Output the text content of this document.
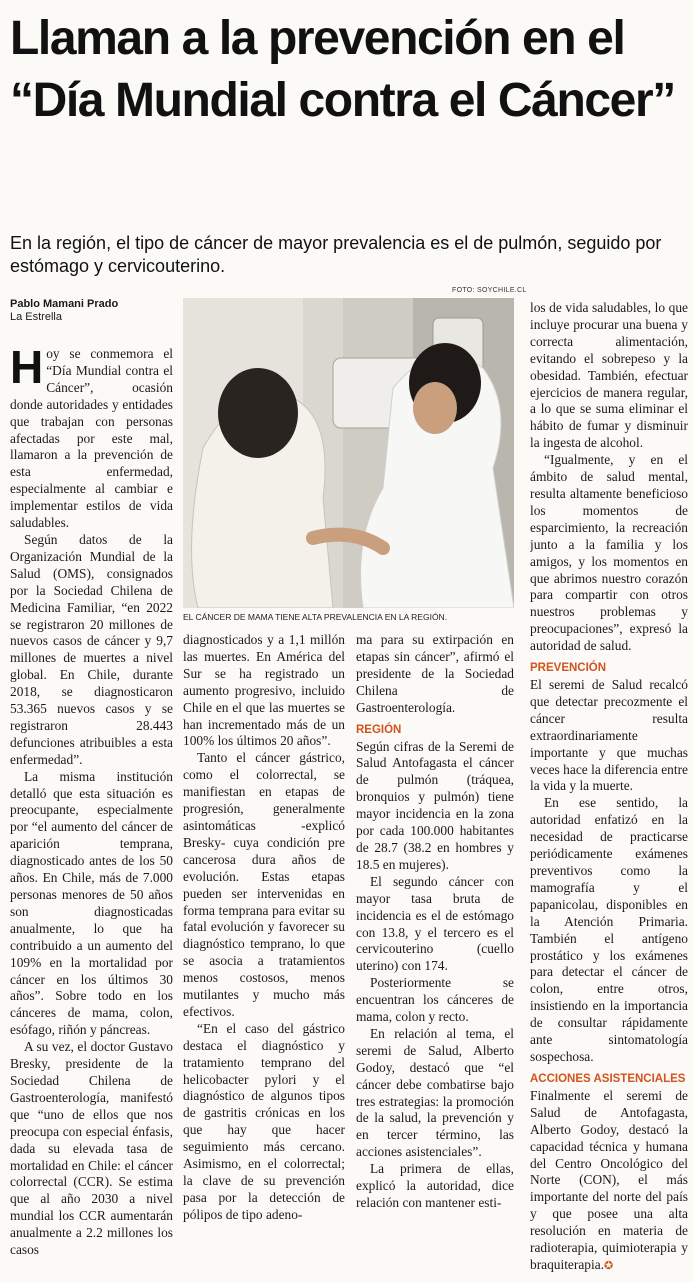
Llaman a la prevención en el “Día Mundial contra el Cáncer”

En la región, el tipo de cáncer de mayor prevalencia es el de pulmón, seguido por estómago y cervicouterino.

Pablo Mamani Prado
La Estrella
FOTO: SOYCHILE.CL
EL CÁNCER DE MAMA TIENE ALTA PREVALENCIA EN LA REGIÓN.
H oy se conmemora el “Día Mundial contra el Cáncer”, ocasión donde autoridades y entidades que trabajan con personas afectadas por este mal, llamaron a la prevención de esta enfermedad, especialmente al cambiar e implementar estilos de vida saludables.

Según datos de la Organización Mundial de la Salud (OMS), consignados por la Sociedad Chilena de Medicina Familiar, “en 2022 se registraron 20 millones de nuevos casos de cáncer y 9,7 millones de muertes a nivel global. En Chile, durante 2018, se diagnosticaron 53.365 nuevos casos y se registraron 28.443 defunciones atribuibles a esta enfermedad”.

La misma institución detalló que esta situación es preocupante, especialmente por “el aumento del cáncer de aparición temprana, diagnosticado antes de los 50 años. En Chile, más de 7.000 personas menores de 50 años son diagnosticadas anualmente, lo que ha contribuido a un aumento del 109% en la mortalidad por cáncer en los últimos 30 años”. Sobre todo en los cánceres de mama, colon, esófago, riñón y páncreas.

A su vez, el doctor Gustavo Bresky, presidente de la Sociedad Chilena de Gastroenterología, manifestó que “uno de ellos que nos preocupa con especial énfasis, dada su elevada tasa de mortalidad en Chile: el cáncer colorrectal (CCR). Se estima que al año 2030 a nivel mundial los CCR aumentarán anualmente a 2.2 millones los casos

diagnosticados y a 1,1 millón las muertes. En América del Sur se ha registrado un aumento progresivo, incluido Chile en el que las muertes se han incrementado más de un 100% los últimos 20 años”.

Tanto el cáncer gástrico, como el colorrectal, se manifiestan en etapas de progresión, generalmente asintomáticas -explicó Bresky- cuya condición pre cancerosa dura años de evolución. Estas etapas pueden ser intervenidas en forma temprana para evitar su fatal evolución y favorecer su diagnóstico temprano, lo que se asocia a tratamientos menos costosos, menos mutilantes y mucho más efectivos.

“En el caso del gástrico destaca el diagnóstico y tratamiento temprano del helicobacter pylori y el diagnóstico de algunos tipos de gastritis crónicas en los que hay que hacer seguimiento más cercano. Asimismo, en el colorrectal; la clave de su prevención pasa por la detección de pólipos de tipo adeno-

ma para su extirpación en etapas sin cáncer”, afirmó el presidente de la Sociedad Chilena de Gastroenterología.

REGIÓN

Según cifras de la Seremi de Salud Antofagasta el cáncer de pulmón (tráquea, bronquios y pulmón) tiene mayor incidencia en la zona por cada 100.000 habitantes de 28.7 (38.2 en hombres y 18.5 en mujeres).

El segundo cáncer con mayor tasa bruta de incidencia es el de estómago con 13.8, y el tercero es el cervicouterino (cuello uterino) con 174.

Posteriormente se encuentran los cánceres de mama, colon y recto.

En relación al tema, el seremi de Salud, Alberto Godoy, destacó que “el cáncer debe combatirse bajo tres estrategias: la promoción de la salud, la prevención y en tercer término, las acciones asistenciales”.

La primera de ellas, explicó la autoridad, dice relación con mantener esti-

los de vida saludables, lo que incluye procurar una buena y correcta alimentación, evitando el sobrepeso y la obesidad. También, efectuar ejercicios de manera regular, a lo que se suma eliminar el hábito de fumar y disminuir la ingesta de alcohol.

“Igualmente, y en el ámbito de salud mental, resulta altamente beneficioso los momentos de esparcimiento, la recreación junto a la familia y los amigos, y los momentos en que abrimos nuestro corazón para compartir con otros nuestros problemas y preocupaciones”, expresó la autoridad de salud.

PREVENCIÓN

El seremi de Salud recalcó que detectar precozmente el cáncer resulta extraordinariamente importante y que muchas veces hace la diferencia entre la vida y la muerte.

En ese sentido, la autoridad enfatizó en la necesidad de practicarse periódicamente exámenes preventivos como la mamografía y el papanicolau, disponibles en la Atención Primaria. También el antígeno prostático y los exámenes para detectar el cáncer de colon, entre otros, insistiendo en la importancia de consultar rápidamente ante sintomatología sospechosa.

ACCIONES ASISTENCIALES

Finalmente el seremi de Salud de Antofagasta, Alberto Godoy, destacó la capacidad técnica y humana del Centro Oncológico del Norte (CON), el más importante del norte del país y que posee una alta resolución en materia de radioterapia, quimioterapia y braquiterapia.✪
